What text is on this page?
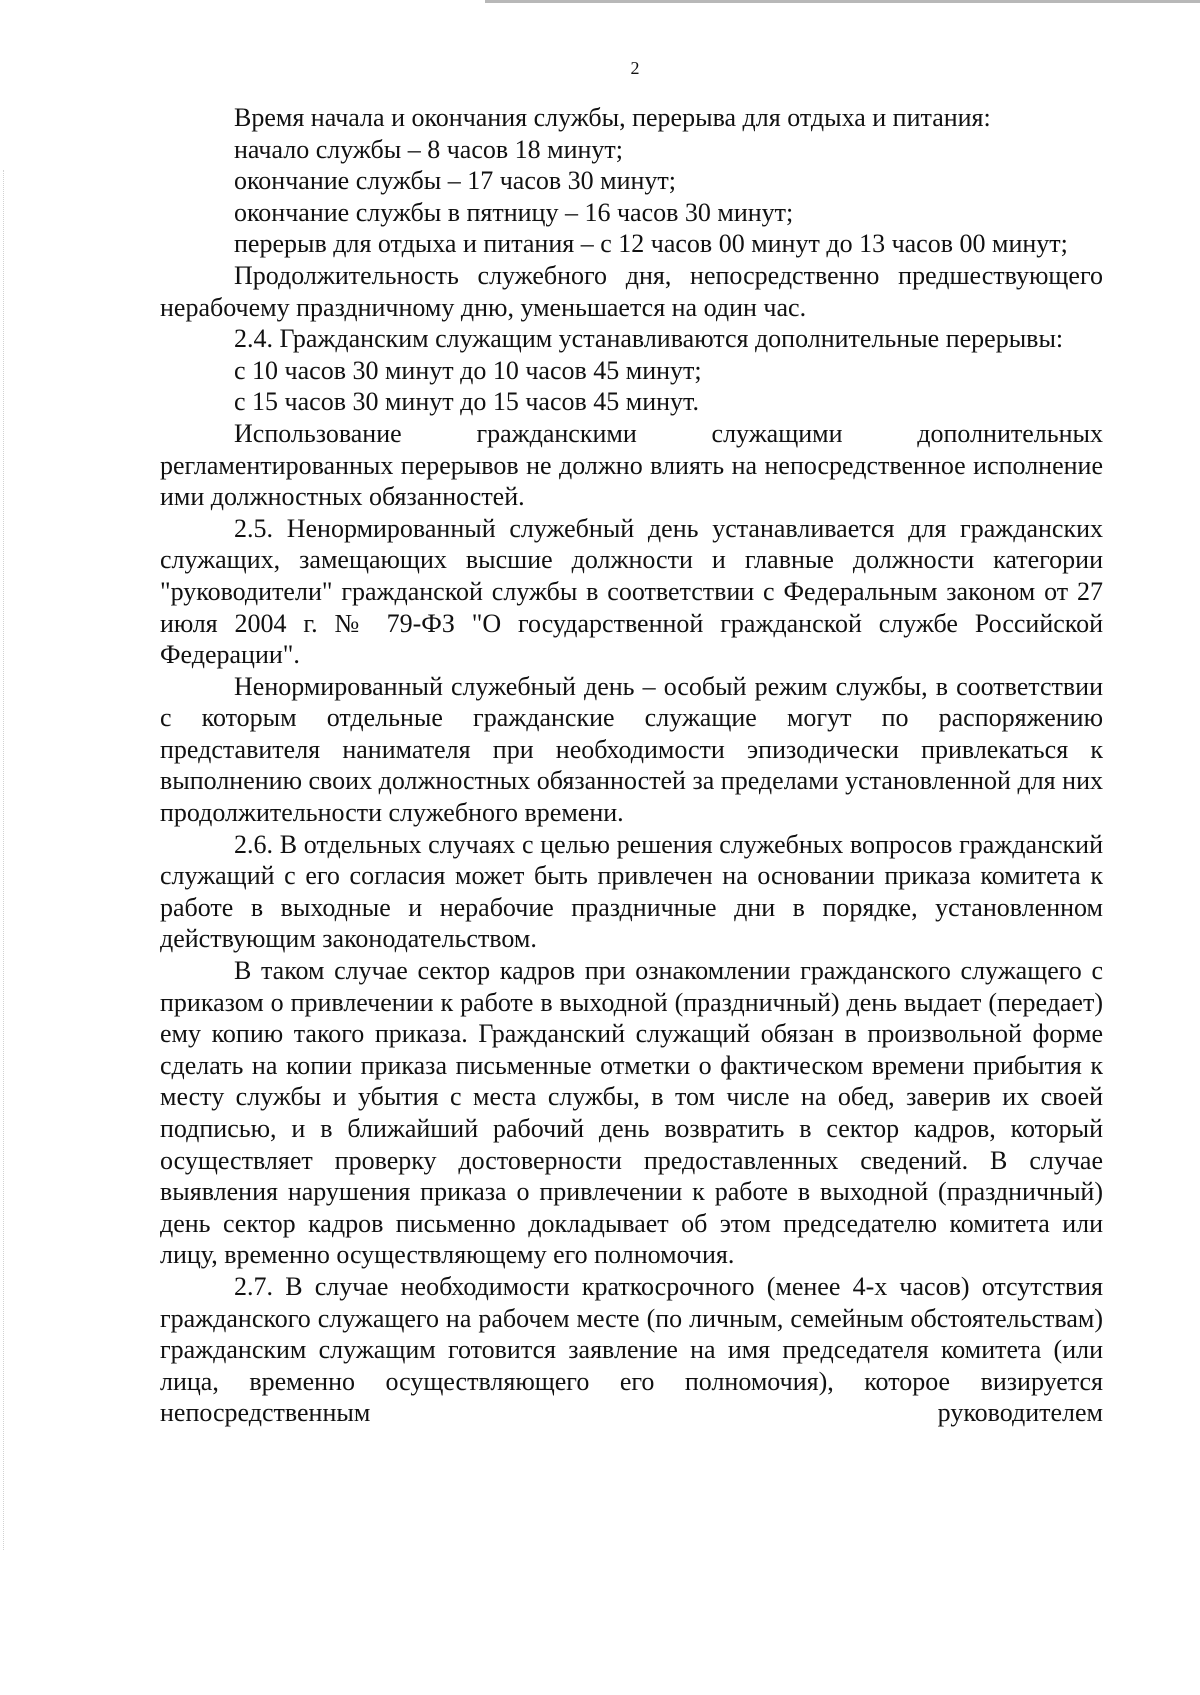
2

Время начала и окончания службы, перерыва для отдыха и питания:

начало службы – 8 часов 18 минут;

окончание службы – 17 часов 30 минут;

окончание службы в пятницу – 16 часов 30 минут;

перерыв для отдыха и питания – с 12 часов 00 минут до 13 часов 00 минут;

Продолжительность служебного дня, непосредственно предшествующего нерабочему праздничному дню, уменьшается на один час.

2.4. Гражданским служащим устанавливаются дополнительные перерывы:

с 10 часов 30 минут до 10 часов 45 минут;

с 15 часов 30 минут до 15 часов 45 минут.

Использование гражданскими служащими дополнительных регламентированных перерывов не должно влиять на непосредственное исполнение ими должностных обязанностей.

2.5. Ненормированный служебный день устанавливается для гражданских служащих, замещающих высшие должности и главные должности категории "руководители" гражданской службы в соответствии с Федеральным законом от 27 июля 2004 г. № 79-ФЗ "О государственной гражданской службе Российской Федерации".

Ненормированный служебный день – особый режим службы, в соответствии с которым отдельные гражданские служащие могут по распоряжению представителя нанимателя при необходимости эпизодически привлекаться к выполнению своих должностных обязанностей за пределами установленной для них продолжительности служебного времени.

2.6. В отдельных случаях с целью решения служебных вопросов гражданский служащий с его согласия может быть привлечен на основании приказа комитета к работе в выходные и нерабочие праздничные дни в порядке, установленном действующим законодательством.

В таком случае сектор кадров при ознакомлении гражданского служащего с приказом о привлечении к работе в выходной (праздничный) день выдает (передает) ему копию такого приказа. Гражданский служащий обязан в произвольной форме сделать на копии приказа письменные отметки о фактическом времени прибытия к месту службы и убытия с места службы, в том числе на обед, заверив их своей подписью, и в ближайший рабочий день возвратить в сектор кадров, который осуществляет проверку достоверности предоставленных сведений. В случае выявления нарушения приказа о привлечении к работе в выходной (праздничный) день сектор кадров письменно докладывает об этом председателю комитета или лицу, временно осуществляющему его полномочия.

2.7. В случае необходимости краткосрочного (менее 4-х часов) отсутствия гражданского служащего на рабочем месте (по личным, семейным обстоятельствам) гражданским служащим готовится заявление на имя председателя комитета (или лица, временно осуществляющего его полномочия), которое визируется непосредственным руководителем
